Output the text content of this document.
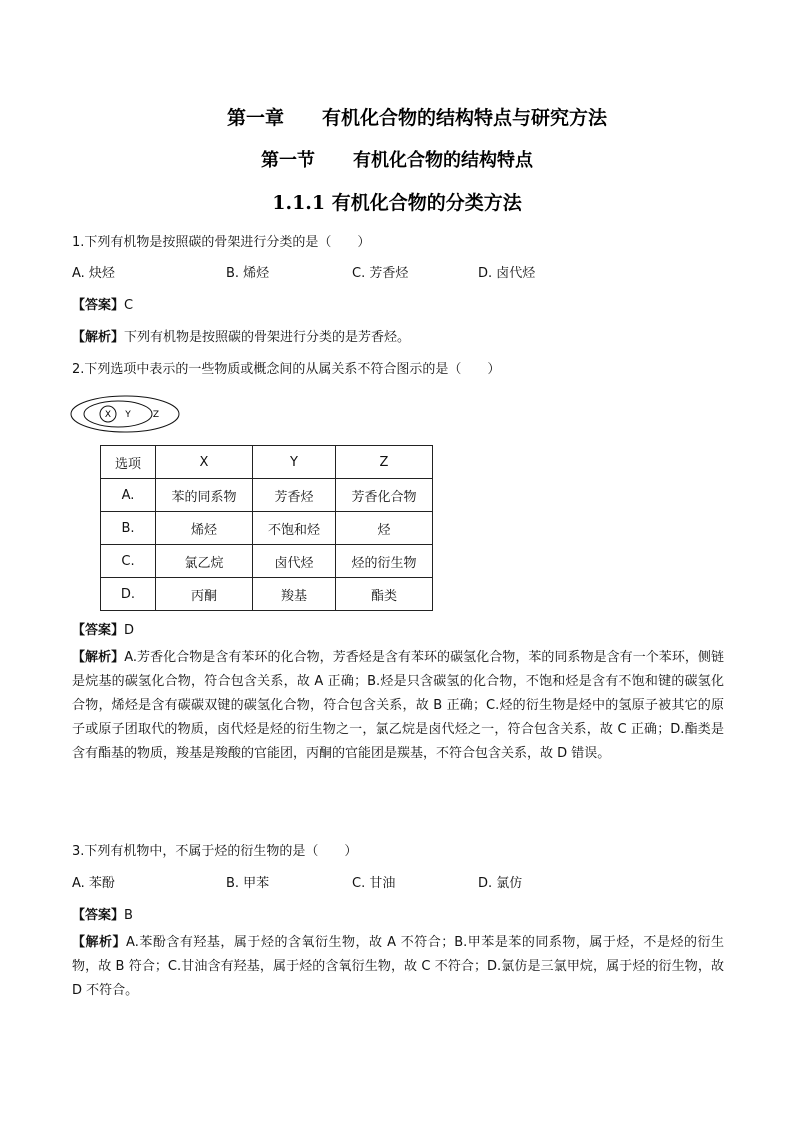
第一章 有机化合物的结构特点与研究方法
第一节 有机化合物的结构特点
1.1.1 有机化合物的分类方法
1.下列有机物是按照碳的骨架进行分类的是（　　）
A. 炔烃	B. 烯烃	C. 芳香烃	D. 卤代烃
【答案】C
【解析】下列有机物是按照碳的骨架进行分类的是芳香烃。
2.下列选项中表示的一些物质或概念间的从属关系不符合图示的是（　　）
X Y Z
选项	X	Y	Z
A.	苯的同系物	芳香烃	芳香化合物
B.	烯烃	不饱和烃	烃
C.	氯乙烷	卤代烃	烃的衍生物
D.	丙酮	羧基	酯类
【答案】D
【解析】A.芳香化合物是含有苯环的化合物，芳香烃是含有苯环的碳氢化合物，苯的同系物是含有一个苯环，侧链是烷基的碳氢化合物，符合包含关系，故 A 正确；B.烃是只含碳氢的化合物，不饱和烃是含有不饱和键的碳氢化合物，烯烃是含有碳碳双键的碳氢化合物，符合包含关系，故 B 正确；C.烃的衍生物是烃中的氢原子被其它的原子或原子团取代的物质，卤代烃是烃的衍生物之一，氯乙烷是卤代烃之一，符合包含关系，故 C 正确；D.酯类是含有酯基的物质，羧基是羧酸的官能团，丙酮的官能团是羰基，不符合包含关系，故 D 错误。
3.下列有机物中，不属于烃的衍生物的是（　　）
A. 苯酚	B. 甲苯	C. 甘油	D. 氯仿
【答案】B
【解析】A.苯酚含有羟基，属于烃的含氧衍生物，故 A 不符合；B.甲苯是苯的同系物，属于烃，不是烃的衍生物，故 B 符合；C.甘油含有羟基，属于烃的含氧衍生物，故 C 不符合；D.氯仿是三氯甲烷，属于烃的衍生物，故 D 不符合。
